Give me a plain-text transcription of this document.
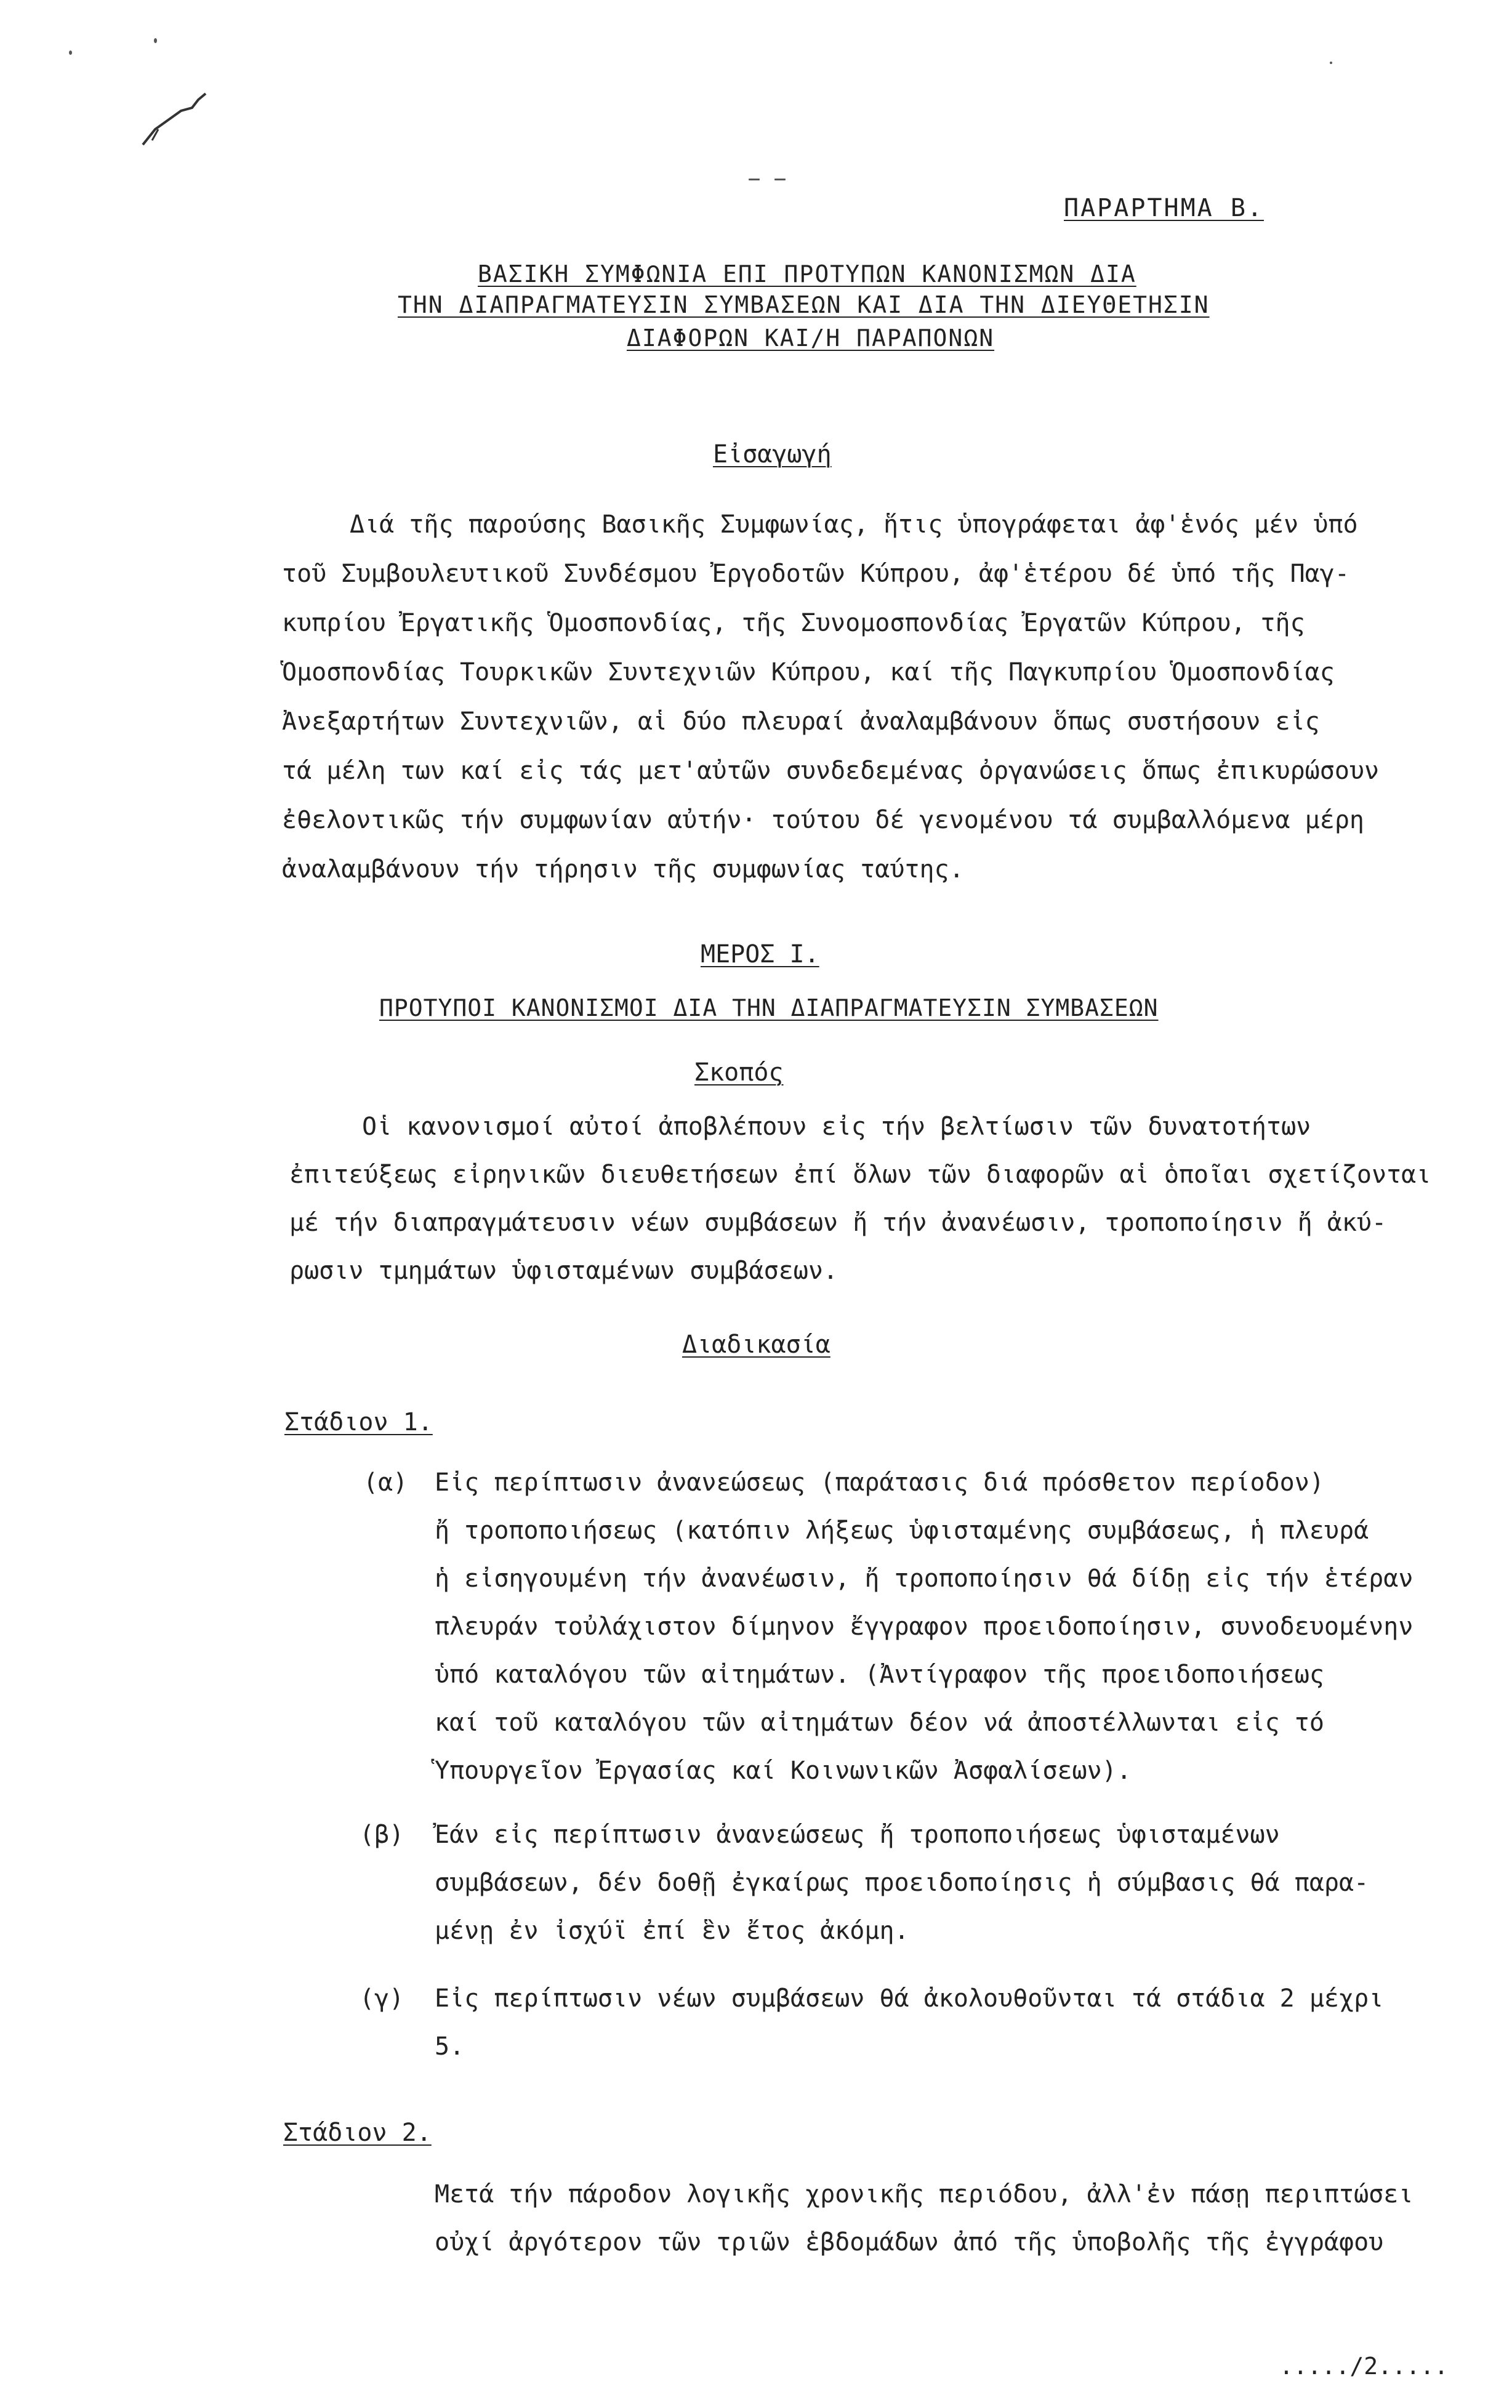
ΠΑΡΑΡΤΗΜΑ Β.
ΒΑΣΙΚΗ ΣΥΜΦΩΝΙΑ ΕΠΙ ΠΡΟΤΥΠΩΝ ΚΑΝΟΝΙΣΜΩΝ ΔΙΑ
ΤΗΝ ΔΙΑΠΡΑΓΜΑΤΕΥΣΙΝ ΣΥΜΒΑΣΕΩΝ ΚΑΙ ΔΙΑ ΤΗΝ ΔΙΕΥΘΕΤΗΣΙΝ
ΔΙΑΦΟΡΩΝ ΚΑΙ/Η ΠΑΡΑΠΟΝΩΝ
Εἰσαγωγή
Διά τῆς παρούσης Βασικῆς Συμφωνίας, ἥτις ὑπογράφεται ἀφ'ἑνός μέν ὑπό
τοῦ Συμβουλευτικοῦ Συνδέσμου Ἐργοδοτῶν Κύπρου, ἀφ'ἑτέρου δέ ὑπό τῆς Παγ-
κυπρίου Ἐργατικῆς Ὁμοσπονδίας, τῆς Συνομοσπονδίας Ἐργατῶν Κύπρου, τῆς
Ὁμοσπονδίας Τουρκικῶν Συντεχνιῶν Κύπρου, καί τῆς Παγκυπρίου Ὁμοσπονδίας
Ἀνεξαρτήτων Συντεχνιῶν, αἱ δύο πλευραί ἀναλαμβάνουν ὅπως συστήσουν εἰς
τά μέλη των καί εἰς τάς μετ'αὐτῶν συνδεδεμένας ὀργανώσεις ὅπως ἐπικυρώσουν
ἐθελοντικῶς τήν συμφωνίαν αὐτήν· τούτου δέ γενομένου τά συμβαλλόμενα μέρη
ἀναλαμβάνουν τήν τήρησιν τῆς συμφωνίας ταύτης.
ΜΕΡΟΣ Ι.
ΠΡΟΤΥΠΟΙ ΚΑΝΟΝΙΣΜΟΙ ΔΙΑ ΤΗΝ ΔΙΑΠΡΑΓΜΑΤΕΥΣΙΝ ΣΥΜΒΑΣΕΩΝ
Σκοπός
Οἱ κανονισμοί αὐτοί ἀποβλέπουν εἰς τήν βελτίωσιν τῶν δυνατοτήτων
ἐπιτεύξεως εἰρηνικῶν διευθετήσεων ἐπί ὅλων τῶν διαφορῶν αἱ ὁποῖαι σχετίζονται
μέ τήν διαπραγμάτευσιν νέων συμβάσεων ἤ τήν ἀνανέωσιν, τροποποίησιν ἤ ἀκύ-
ρωσιν τμημάτων ὑφισταμένων συμβάσεων.
Διαδικασία
Στάδιον 1.
(α) Εἰς περίπτωσιν ἀνανεώσεως (παράτασις διά πρόσθετον περίοδον)
ἤ τροποποιήσεως (κατόπιν λήξεως ὑφισταμένης συμβάσεως, ἡ πλευρά
ἡ εἰσηγουμένη τήν ἀνανέωσιν, ἤ τροποποίησιν θά δίδῃ εἰς τήν ἑτέραν
πλευράν τοὐλάχιστον δίμηνον ἔγγραφον προειδοποίησιν, συνοδευομένην
ὑπό καταλόγου τῶν αἰτημάτων. (Ἀντίγραφον τῆς προειδοποιήσεως
καί τοῦ καταλόγου τῶν αἰτημάτων δέον νά ἀποστέλλωνται εἰς τό
Ὑπουργεῖον Ἐργασίας καί Κοινωνικῶν Ἀσφαλίσεων).
(β) Ἐάν εἰς περίπτωσιν ἀνανεώσεως ἤ τροποποιήσεως ὑφισταμένων
συμβάσεων, δέν δοθῇ ἐγκαίρως προειδοποίησις ἡ σύμβασις θά παρα-
μένῃ ἐν ἰσχύϊ ἐπί ἓν ἔτος ἀκόμη.
(γ) Εἰς περίπτωσιν νέων συμβάσεων θά ἀκολουθοῦνται τά στάδια 2 μέχρι
5.
Στάδιον 2.
Μετά τήν πάροδον λογικῆς χρονικῆς περιόδου, ἀλλ'ἐν πάσῃ περιπτώσει
οὐχί ἀργότερον τῶν τριῶν ἑβδομάδων ἀπό τῆς ὑποβολῆς τῆς ἐγγράφου
.....∕2.....
